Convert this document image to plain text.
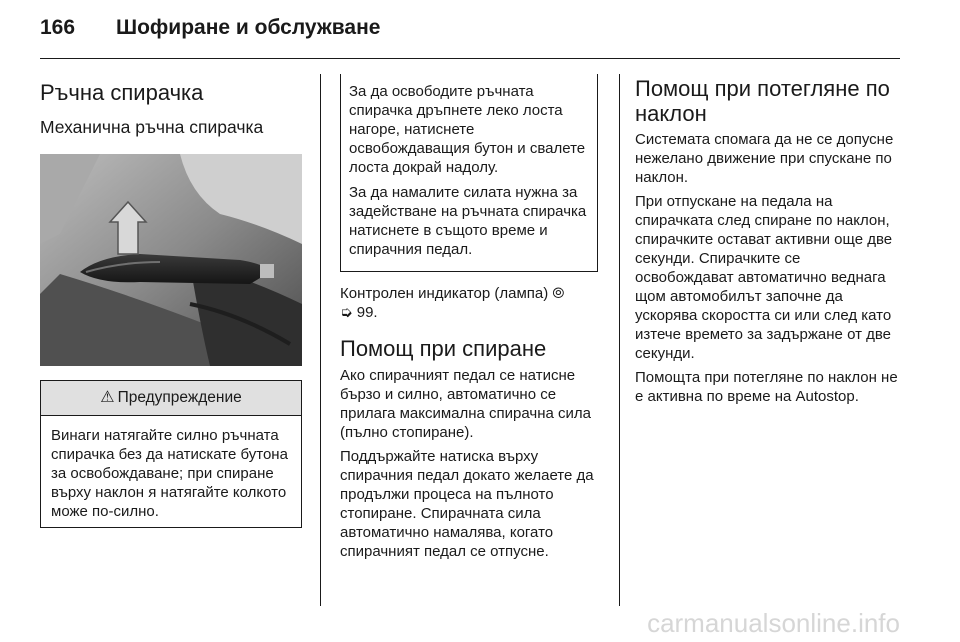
166 Шофиране и обслужване
Ръчна спирачка
Механична ръчна спирачка
⚠ Предупреждение

Винаги натягайте силно ръчната спирачка без да натискате бутона за освобождаване; при спиране върху наклон я натягайте колкото може по-силно.

За да освободите ръчната спирачка дръпнете леко лоста нагоре, натиснете освобождаващия бутон и свалете лоста докрай надолу.

За да намалите силата нужна за задействане на ръчната спирачка натиснете в същото време и спирачния педал.

Контролен индикатор (лампа) ⦾
➭ 99.

Помощ при спиране

Ако спирачният педал се натисне бързо и силно, автоматично се прилага максимална спирачна сила (пълно стопиране).

Поддържайте натиска върху спирачния педал докато желаете да продължи процеса на пълното стопиране. Спирачната сила автоматично намалява, когато спирачният педал се отпусне.

Помощ при потегляне по наклон

Системата спомага да не се допусне нежелано движение при спускане по наклон.

При отпускане на педала на спирачката след спиране по наклон, спирачките остават активни още две секунди. Спирачките се освобождават автоматично веднага щом автомобилът започне да ускорява скоростта си или след като изтече времето за задържане от две секунди.

Помощта при потегляне по наклон не е активна по време на Autostop.

carmanualsonline.info
